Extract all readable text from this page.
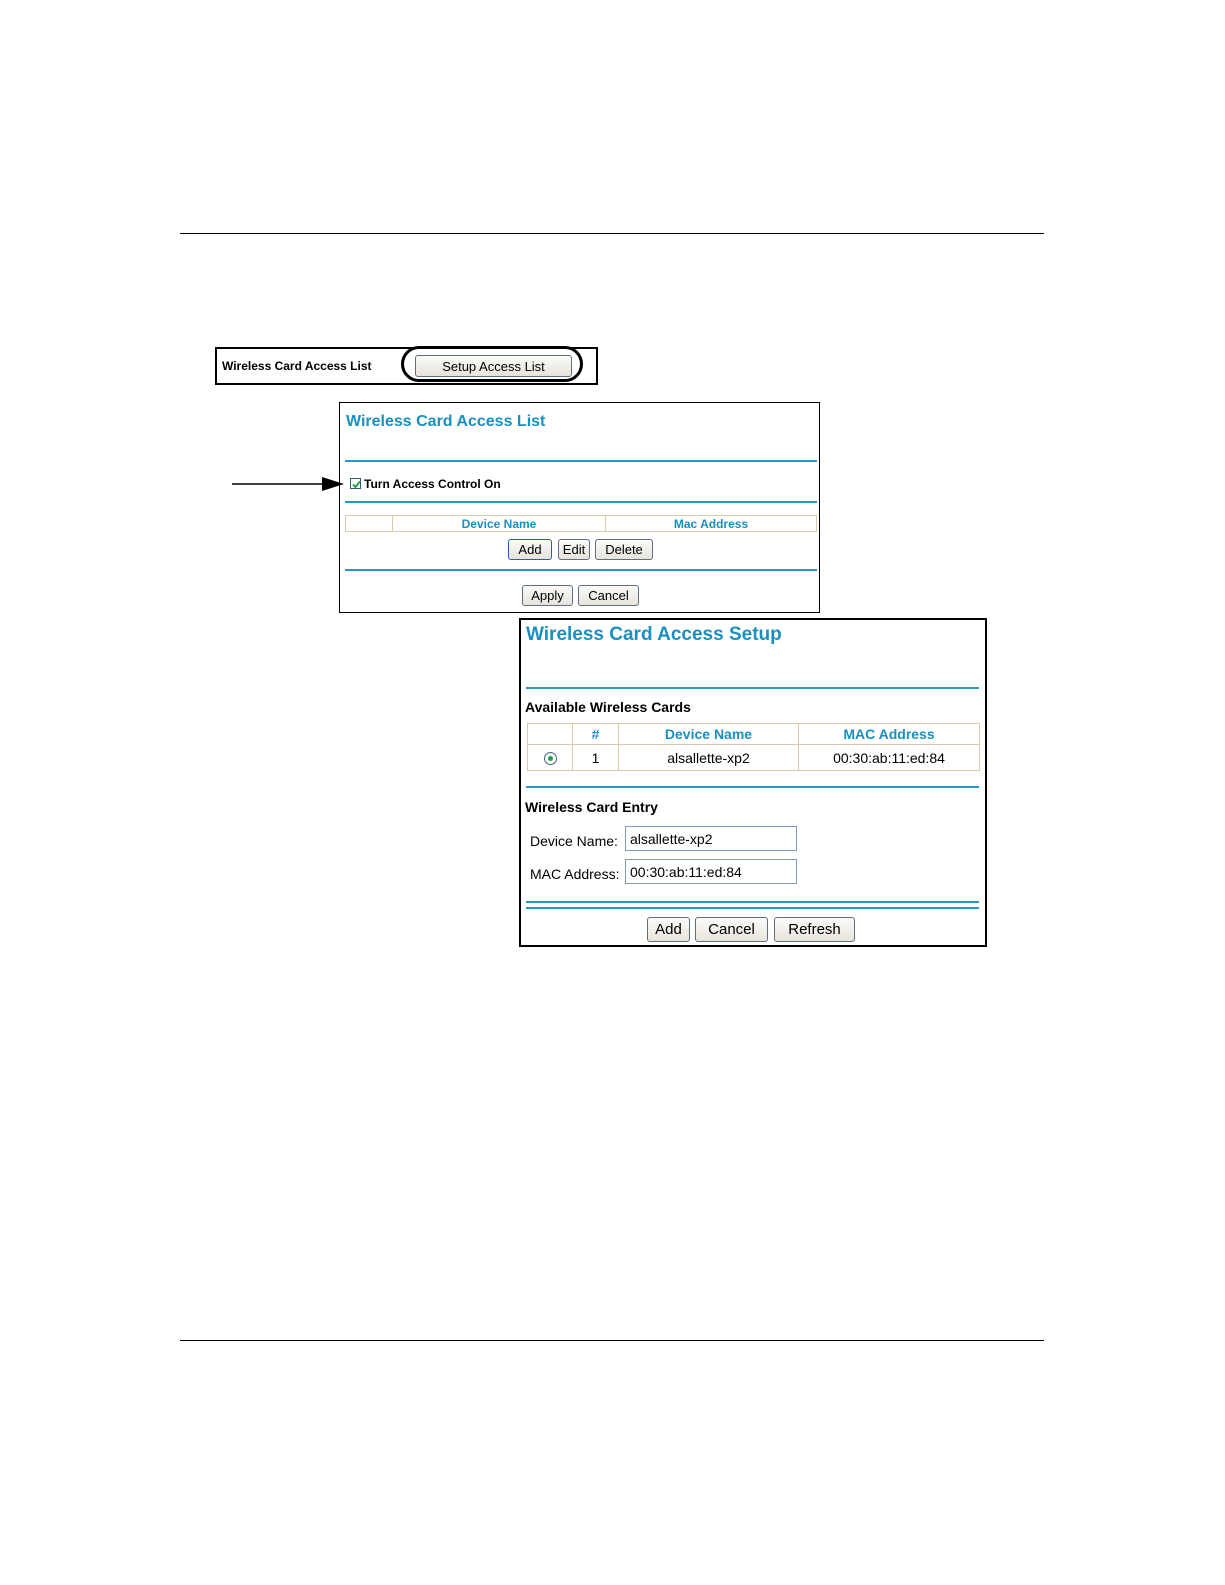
Wireless Card Access List	Setup Access List
Wireless Card Access List
Turn Access Control On
	Device Name	Mac Address
Add	Edit	Delete
Apply	Cancel
Wireless Card Access Setup
Available Wireless Cards
	#	Device Name	MAC Address

	1	alsallette-xp2	00:30:ab:11:ed:84
Wireless Card Entry
Device Name:
alsallette-xp2
MAC Address:
00:30:ab:11:ed:84
Add	Cancel	Refresh
